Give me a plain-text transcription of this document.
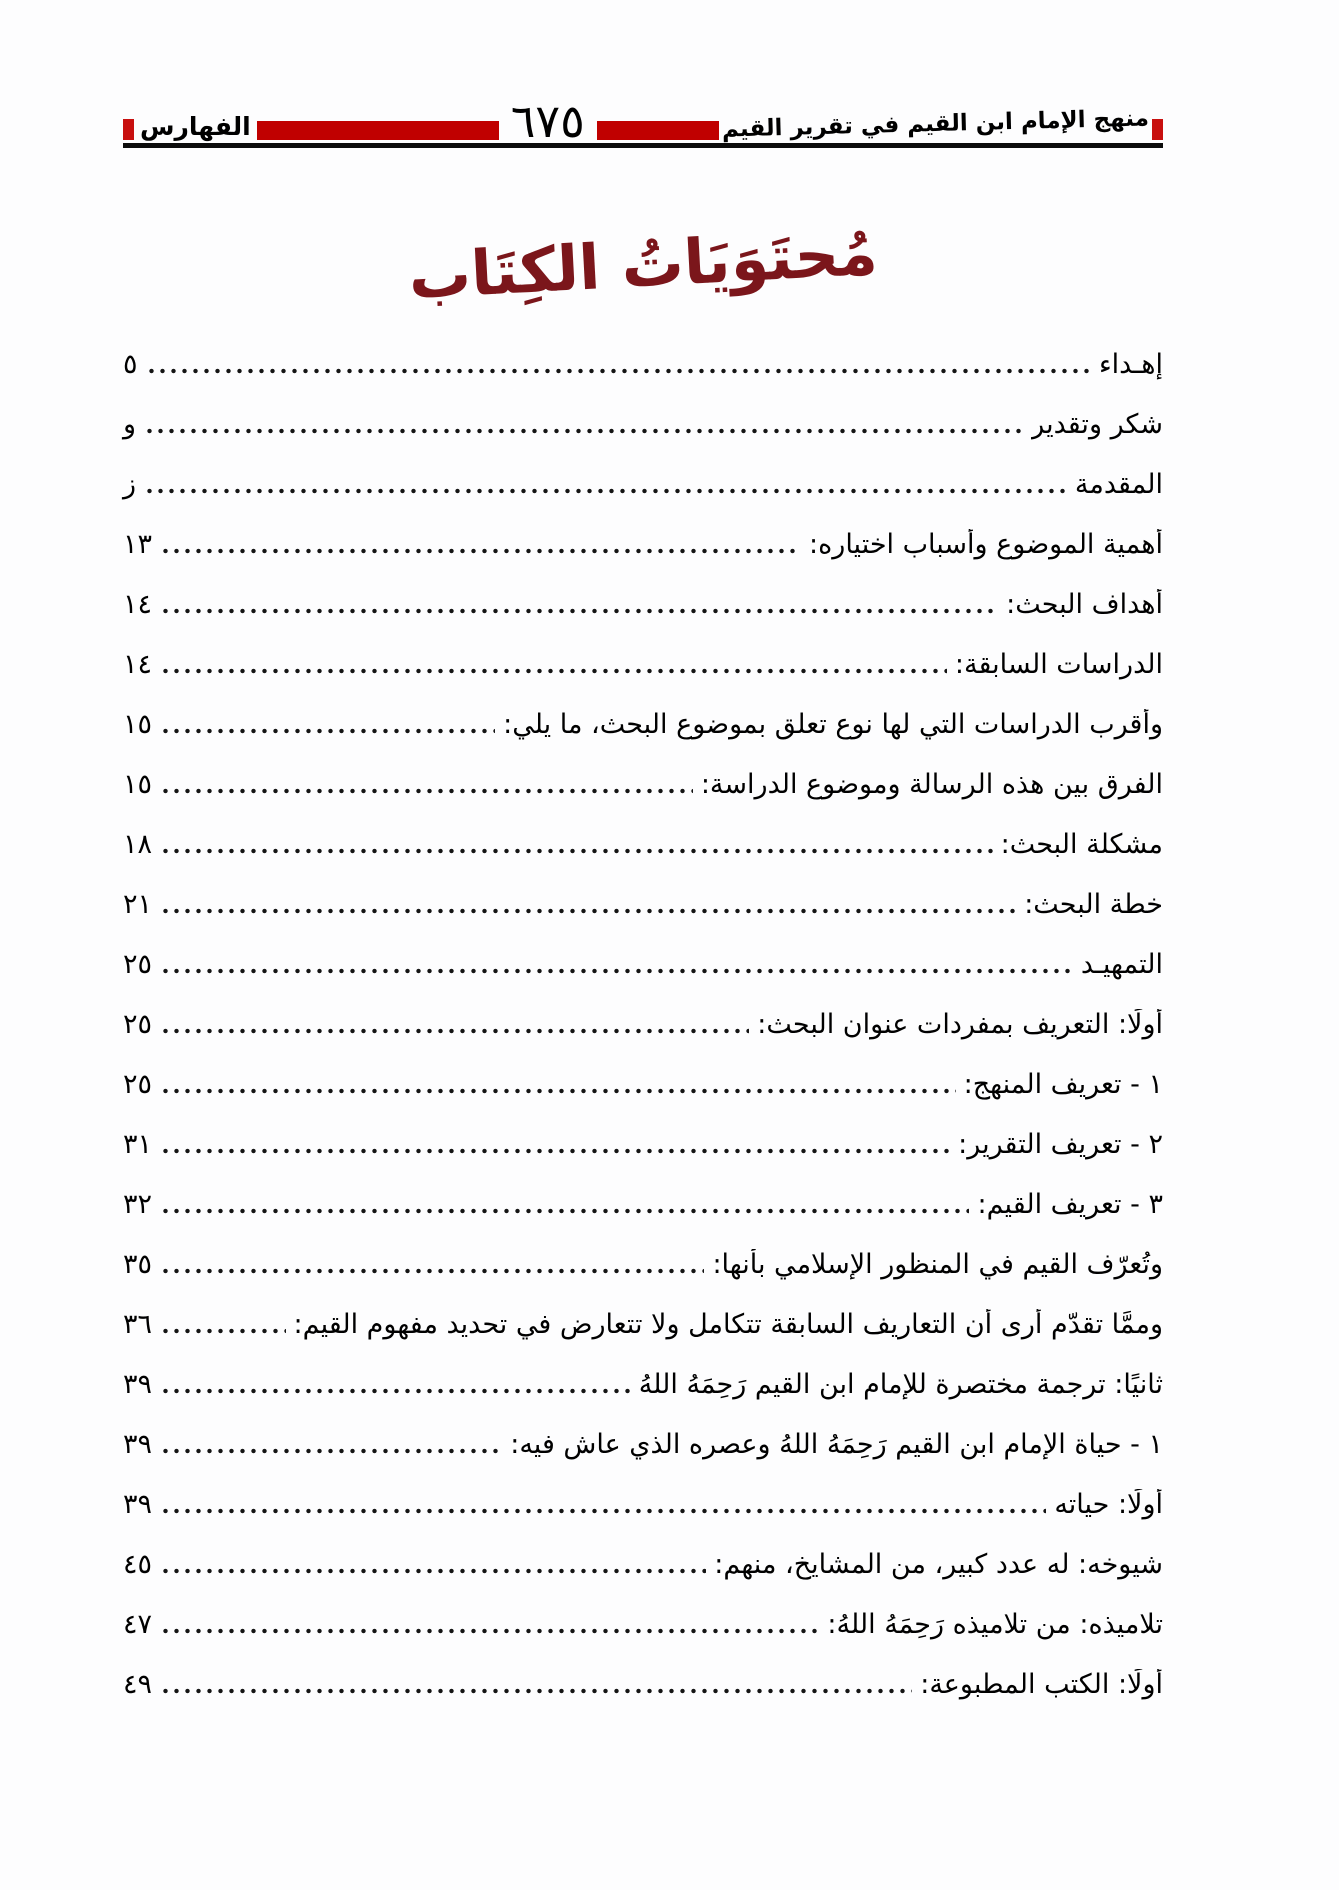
منهج الإمام ابن القيم في تقرير القيم
٦٧٥
الفهارس
مُحتَوَيَاتُ الكِتَاب
إهـداء
٥
شكر وتقدير
و
المقدمة
ز
أهمية الموضوع وأسباب اختياره:
١٣
أهداف البحث:
١٤
الدراسات السابقة:
١٤
وأقرب الدراسات التي لها نوع تعلق بموضوع البحث، ما يلي:
١٥
الفرق بين هذه الرسالة وموضوع الدراسة:
١٥
مشكلة البحث:
١٨
خطة البحث:
٢١
التمهيـد
٢٥
أولًا: التعريف بمفردات عنوان البحث:
٢٥
١ - تعريف المنهج:
٢٥
٢ - تعريف التقرير:
٣١
٣ - تعريف القيم:
٣٢
وتُعرّف القيم في المنظور الإسلامي بأنها:
٣٥
وممَّا تقدّم أرى أن التعاريف السابقة تتكامل ولا تتعارض في تحديد مفهوم القيم:
٣٦
ثانيًا: ترجمة مختصرة للإمام ابن القيم رَحِمَهُ اللهُ
٣٩
١ - حياة الإمام ابن القيم رَحِمَهُ اللهُ وعصره الذي عاش فيه:
٣٩
أولًا: حياته
٣٩
شيوخه: له عدد كبير، من المشايخ، منهم:
٤٥
تلاميذه: من تلاميذه رَحِمَهُ اللهُ:
٤٧
أولًا: الكتب المطبوعة:
٤٩
